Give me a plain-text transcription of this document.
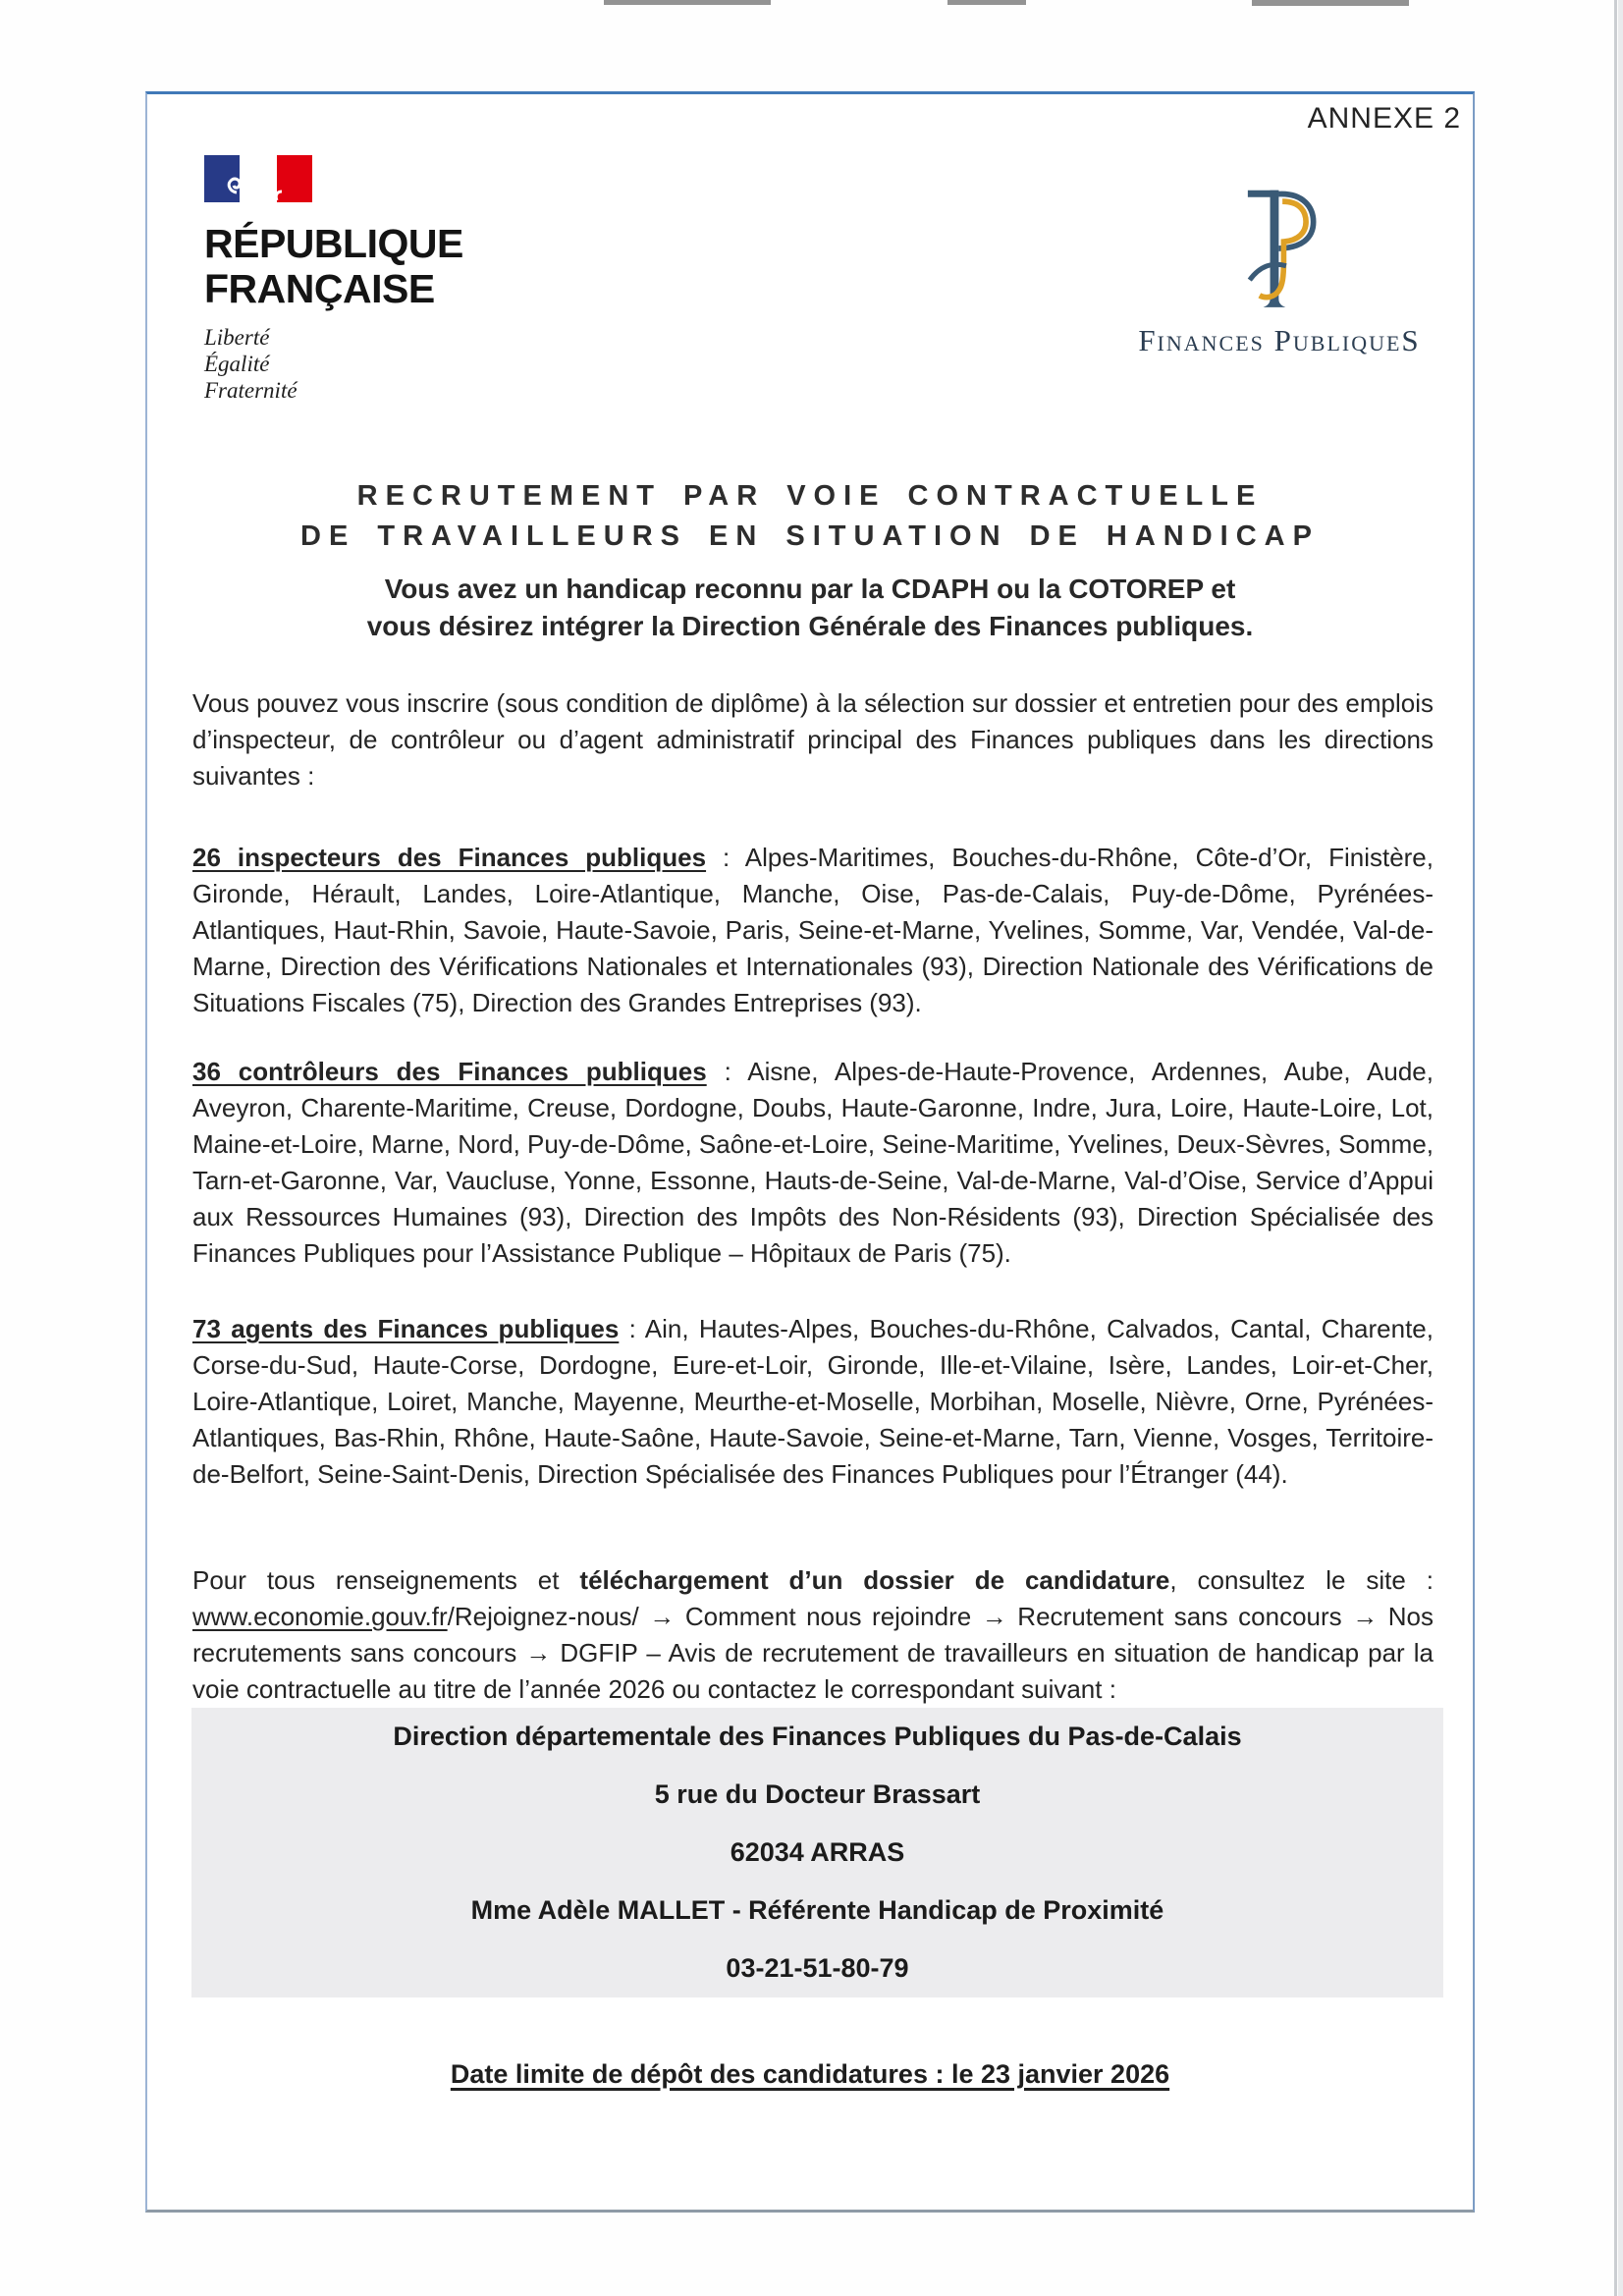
ANNEXE 2
RÉPUBLIQUE
FRANÇAISE
Liberté
Égalité
Fraternité
Finances PubliqueS
RECRUTEMENT PAR VOIE CONTRACTUELLE
DE TRAVAILLEURS EN SITUATION DE HANDICAP
Vous avez un handicap reconnu par la CDAPH ou la COTOREP et
vous désirez intégrer la Direction Générale des Finances publiques.

Vous pouvez vous inscrire (sous condition de diplôme) à la sélection sur dossier et entretien pour des emplois d’inspecteur, de contrôleur ou d’agent administratif principal des Finances publiques dans les directions suivantes :

26 inspecteurs des Finances publiques : Alpes-Maritimes, Bouches-du-Rhône, Côte-d’Or, Finistère, Gironde, Hérault, Landes, Loire-Atlantique, Manche, Oise, Pas-de-Calais, Puy-de-Dôme, Pyrénées-Atlantiques, Haut-Rhin, Savoie, Haute-Savoie, Paris, Seine-et-Marne, Yvelines, Somme, Var, Vendée, Val-de-Marne, Direction des Vérifications Nationales et Internationales (93), Direction Nationale des Vérifications de Situations Fiscales (75), Direction des Grandes Entreprises (93).

36 contrôleurs des Finances publiques : Aisne, Alpes-de-Haute-Provence, Ardennes, Aube, Aude, Aveyron, Charente-Maritime, Creuse, Dordogne, Doubs, Haute-Garonne, Indre, Jura, Loire, Haute-Loire, Lot, Maine-et-Loire, Marne, Nord, Puy-de-Dôme, Saône-et-Loire, Seine-Maritime, Yvelines, Deux-Sèvres, Somme, Tarn-et-Garonne, Var, Vaucluse, Yonne, Essonne, Hauts-de-Seine, Val-de-Marne, Val-d’Oise, Service d’Appui aux Ressources Humaines (93), Direction des Impôts des Non-Résidents (93), Direction Spécialisée des Finances Publiques pour l’Assistance Publique – Hôpitaux de Paris (75).

73 agents des Finances publiques : Ain, Hautes-Alpes, Bouches-du-Rhône, Calvados, Cantal, Charente, Corse-du-Sud, Haute-Corse, Dordogne, Eure-et-Loir, Gironde, Ille-et-Vilaine, Isère, Landes, Loir-et-Cher, Loire-Atlantique, Loiret, Manche, Mayenne, Meurthe-et-Moselle, Morbihan, Moselle, Nièvre, Orne, Pyrénées-Atlantiques, Bas-Rhin, Rhône, Haute-Saône, Haute-Savoie, Seine-et-Marne, Tarn, Vienne, Vosges, Territoire-de-Belfort, Seine-Saint-Denis, Direction Spécialisée des Finances Publiques pour l’Étranger (44).

Pour tous renseignements et téléchargement d’un dossier de candidature, consultez le site : www.economie.gouv.fr/Rejoignez-nous/ → Comment nous rejoindre → Recrutement sans concours → Nos recrutements sans concours → DGFIP – Avis de recrutement de travailleurs en situation de handicap par la voie contractuelle au titre de l’année 2026 ou contactez le correspondant suivant :

Direction départementale des Finances Publiques du Pas-de-Calais
5 rue du Docteur Brassart
62034 ARRAS
Mme Adèle MALLET - Référente Handicap de Proximité
03-21-51-80-79
Date limite de dépôt des candidatures : le 23 janvier 2026
